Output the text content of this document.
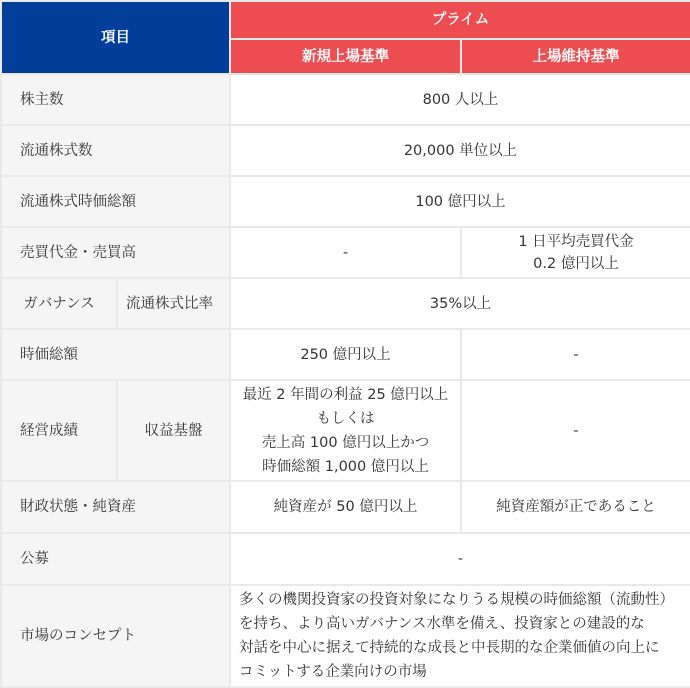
項目		プライム	
		新規上場基準	上場維持基準
株主数		800 人以上	
流通株式数		20,000 単位以上	
流通株式時価総額		100 億円以上	
売買代金・売買高		-	1 日平均売買代金
0.2 億円以上

ガバナンス	流通株式比率	35%以上	
時価総額		250 億円以上	-
経営成績	収益基盤	最近 2 年間の利益 25 億円以上
もしくは
売上高 100 億円以上かつ
時価総額 1,000 億円以上	-
財政状態・純資産		純資産が 50 億円以上	純資産額が正であること
公募		-	
市場のコンセプト		多くの機関投資家の投資対象になりうる規模の時価総額（流動性）
を持ち、より高いガバナンス水準を備え、投資家との建設的な
対話を中心に据えて持続的な成長と中長期的な企業価値の向上に
コミットする企業向けの市場	
